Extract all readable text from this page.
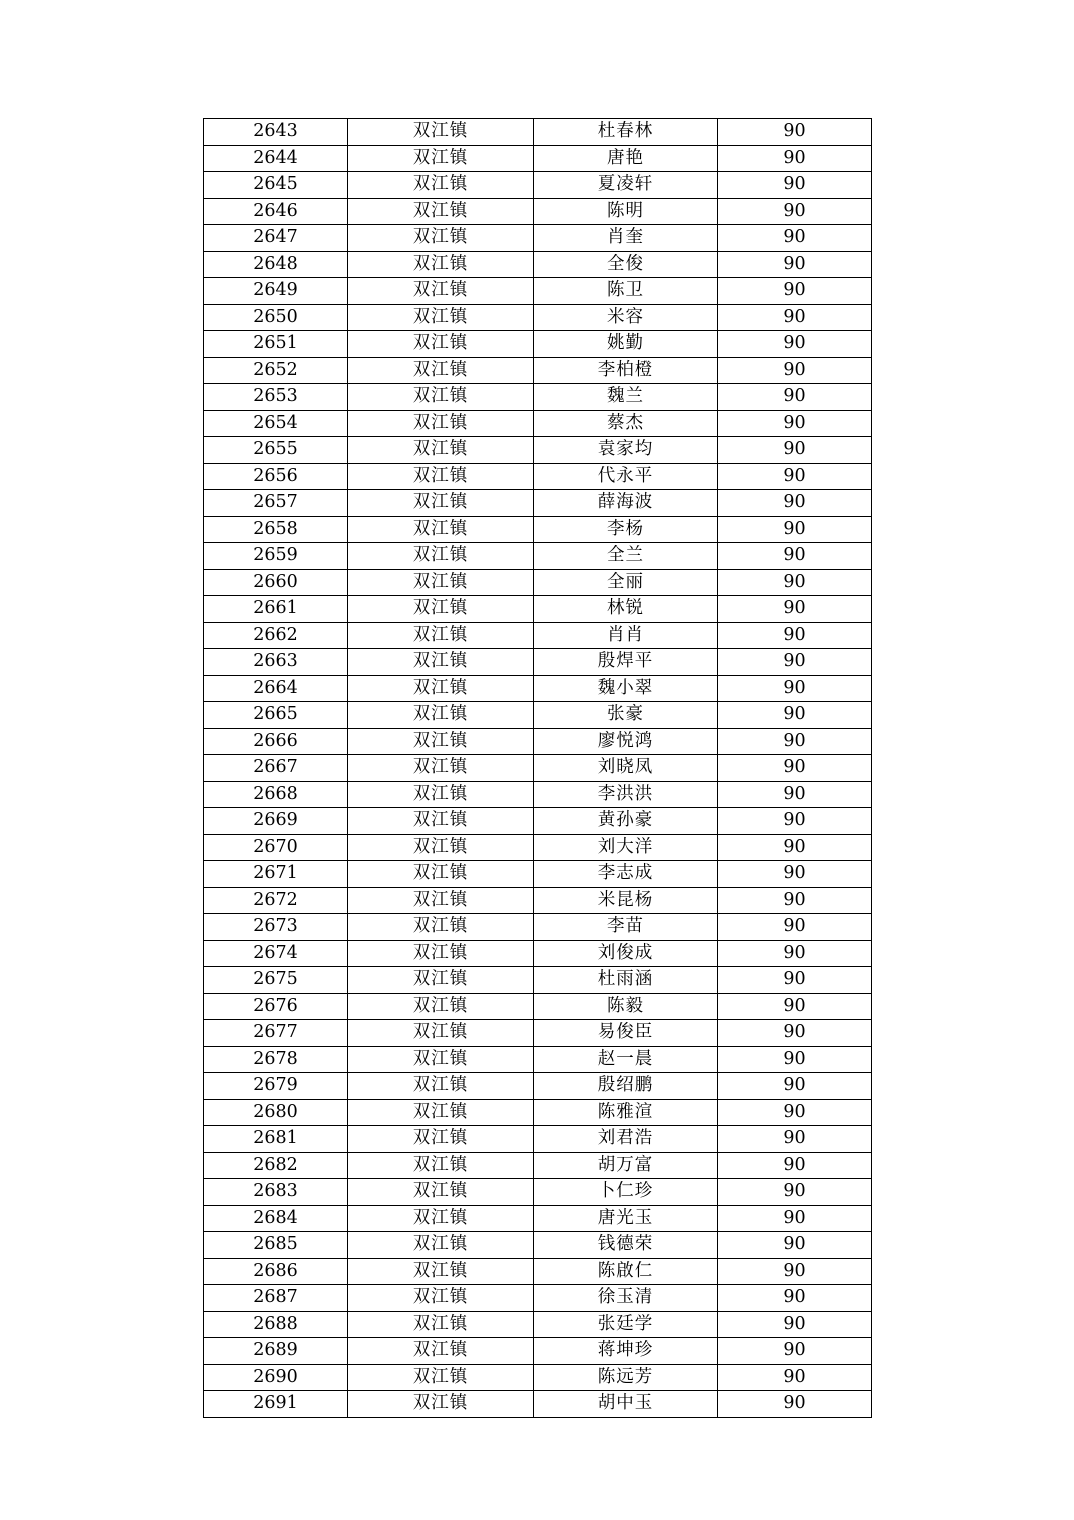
2643	双江镇	杜春林	90
2644	双江镇	唐艳	90
2645	双江镇	夏凌轩	90
2646	双江镇	陈明	90
2647	双江镇	肖奎	90
2648	双江镇	全俊	90
2649	双江镇	陈卫	90
2650	双江镇	米容	90
2651	双江镇	姚勤	90
2652	双江镇	李柏橙	90
2653	双江镇	魏兰	90
2654	双江镇	蔡杰	90
2655	双江镇	袁家均	90
2656	双江镇	代永平	90
2657	双江镇	薛海波	90
2658	双江镇	李杨	90
2659	双江镇	全兰	90
2660	双江镇	全丽	90
2661	双江镇	林锐	90
2662	双江镇	肖肖	90
2663	双江镇	殷焊平	90
2664	双江镇	魏小翠	90
2665	双江镇	张豪	90
2666	双江镇	廖悦鸿	90
2667	双江镇	刘晓凤	90
2668	双江镇	李洪洪	90
2669	双江镇	黄孙豪	90
2670	双江镇	刘大洋	90
2671	双江镇	李志成	90
2672	双江镇	米昆杨	90
2673	双江镇	李苗	90
2674	双江镇	刘俊成	90
2675	双江镇	杜雨涵	90
2676	双江镇	陈毅	90
2677	双江镇	易俊臣	90
2678	双江镇	赵一晨	90
2679	双江镇	殷绍鹏	90
2680	双江镇	陈雅渲	90
2681	双江镇	刘君浩	90
2682	双江镇	胡万富	90
2683	双江镇	卜仁珍	90
2684	双江镇	唐光玉	90
2685	双江镇	钱德荣	90
2686	双江镇	陈啟仁	90
2687	双江镇	徐玉清	90
2688	双江镇	张廷学	90
2689	双江镇	蒋坤珍	90
2690	双江镇	陈远芳	90
2691	双江镇	胡中玉	90
